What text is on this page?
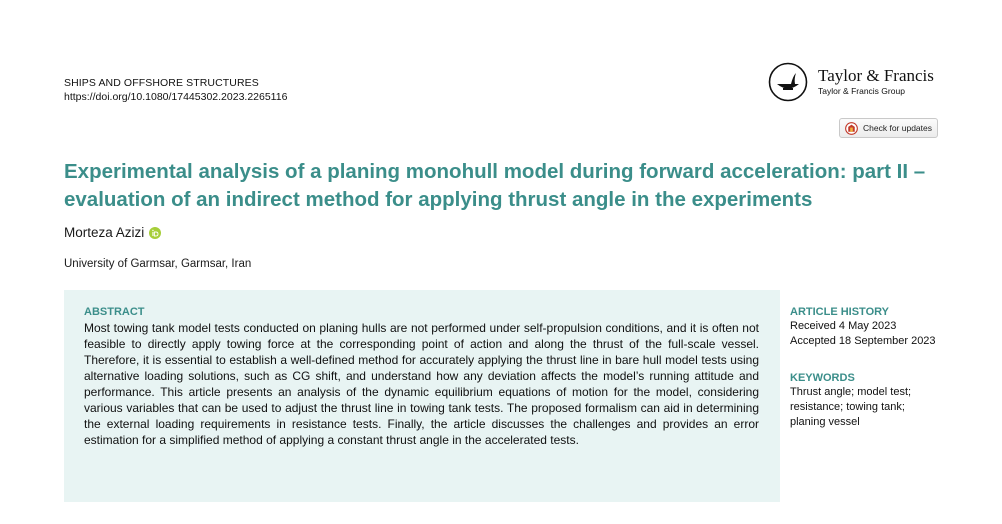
SHIPS AND OFFSHORE STRUCTURES
https://doi.org/10.1080/17445302.2023.2265116
Taylor & Francis
Taylor & Francis Group
Check for updates
Experimental analysis of a planing monohull model during forward acceleration: part II – evaluation of an indirect method for applying thrust angle in the experiments
Morteza Azizi
University of Garmsar, Garmsar, Iran
ABSTRACT

Most towing tank model tests conducted on planing hulls are not performed under self-propulsion conditions, and it is often not feasible to directly apply towing force at the corresponding point of action and along the thrust of the full-scale vessel. Therefore, it is essential to establish a well-defined method for accurately applying the thrust line in bare hull model tests using alternative loading solutions, such as CG shift, and understand how any deviation affects the model’s running attitude and performance. This article presents an analysis of the dynamic equilibrium equations of motion for the model, considering various variables that can be used to adjust the thrust line in towing tank tests. The proposed formalism can aid in determining the external loading requirements in resistance tests. Finally, the article discusses the challenges and provides an error estimation for a simplified method of applying a constant thrust angle in the accelerated tests.

ARTICLE HISTORY
Received 4 May 2023
Accepted 18 September 2023
KEYWORDS
Thrust angle; model test; resistance; towing tank; planing vessel
